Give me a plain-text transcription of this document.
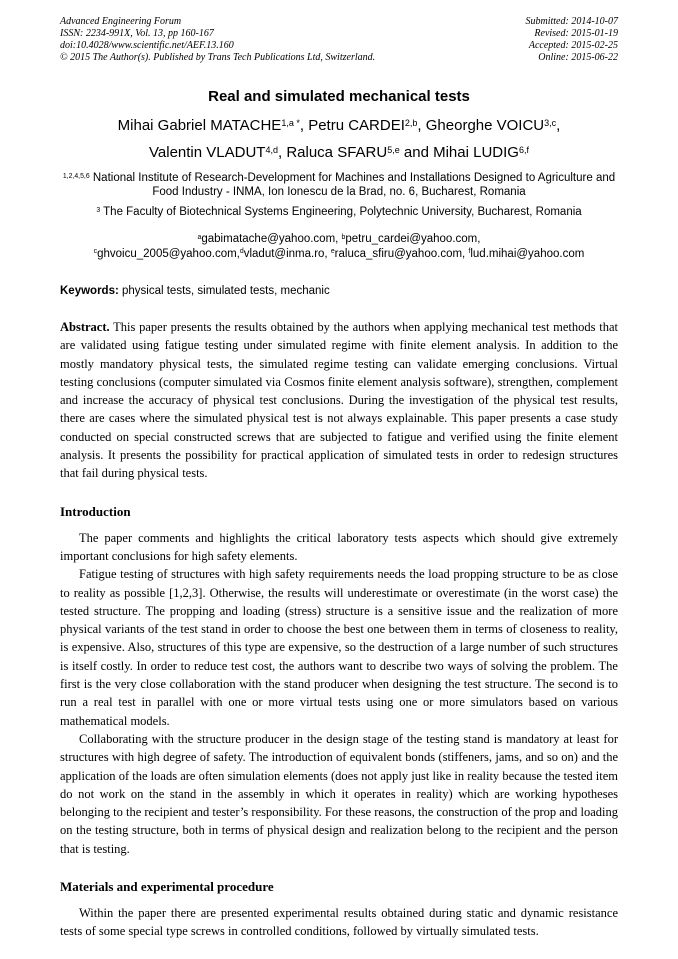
Advanced Engineering Forum
ISSN: 2234-991X, Vol. 13, pp 160-167
doi:10.4028/www.scientific.net/AEF.13.160
© 2015 The Author(s). Published by Trans Tech Publications Ltd, Switzerland.
Submitted: 2014-10-07
Revised: 2015-01-19
Accepted: 2015-02-25
Online: 2015-06-22
Real and simulated mechanical tests
Mihai Gabriel $MATACHE^{1,a *}$, Petru CARDEI$^{2,b}$, Gheorghe VOICU$^{3,c}$,
Valentin VLADUT$^{4,d}$, Raluca SFARU$^{5,e}$ and Mihai LUDIG$^{6,f}$
$^{1,2,4,5,6}$ National Institute of Research-Development for Machines and Installations Designed to Agriculture and Food Industry - INMA, Ion Ionescu de la Brad, no. 6, Bucharest, Romania
$^3$ The Faculty of Biotechnical Systems Engineering, Polytechnic University, Bucharest, Romania
$^a$gabimatache@yahoo.com, $^b$petru_cardei@yahoo.com,
$^c$ghvoicu_2005@yahoo.com,$^d$vladut@inma.ro, $^e$raluca_sfiru@yahoo.com, $^f$lud.mihai@yahoo.com
Keywords: physical tests, simulated tests, mechanic
Abstract. This paper presents the results obtained by the authors when applying mechanical test methods that are validated using fatigue testing under simulated regime with finite element analysis. In addition to the mostly mandatory physical tests, the simulated regime testing can validate emerging conclusions. Virtual testing conclusions (computer simulated via Cosmos finite element analysis software), strengthen, complement and increase the accuracy of physical test conclusions. During the investigation of the physical test results, there are cases where the simulated physical test is not always explainable. This paper presents a case study conducted on special constructed screws that are subjected to fatigue and verified using the finite element analysis. It presents the possibility for practical application of simulated tests in order to redesign structures that fail during physical tests.
Introduction

The paper comments and highlights the critical laboratory tests aspects which should give extremely important conclusions for high safety elements.

Fatigue testing of structures with high safety requirements needs the load propping structure to be as close to reality as possible [1,2,3]. Otherwise, the results will underestimate or overestimate (in the worst case) the tested structure. The propping and loading (stress) structure is a sensitive issue and the realization of more physical variants of the test stand in order to choose the best one between them in terms of closeness to reality, is expensive. Also, structures of this type are expensive, so the destruction of a large number of such structures is itself costly. In order to reduce test cost, the authors want to describe two ways of solving the problem. The first is the very close collaboration with the stand producer when designing the test structure. The second is to run a real test in parallel with one or more virtual tests using one or more simulators based on various mathematical models.

Collaborating with the structure producer in the design stage of the testing stand is mandatory at least for structures with high degree of safety. The introduction of equivalent bonds (stiffeners, jams, and so on) and the application of the loads are often simulation elements (does not apply just like in reality because the tested item do not work on the stand in the assembly in which it operates in reality) which are working hypotheses belonging to the recipient and tester’s responsibility. For these reasons, the construction of the prop and loading on the testing structure, both in terms of physical design and realization belong to the recipient and the person that is testing.

Materials and experimental procedure

Within the paper there are presented experimental results obtained during static and dynamic resistance tests of some special type screws in controlled conditions, followed by virtually simulated tests.
